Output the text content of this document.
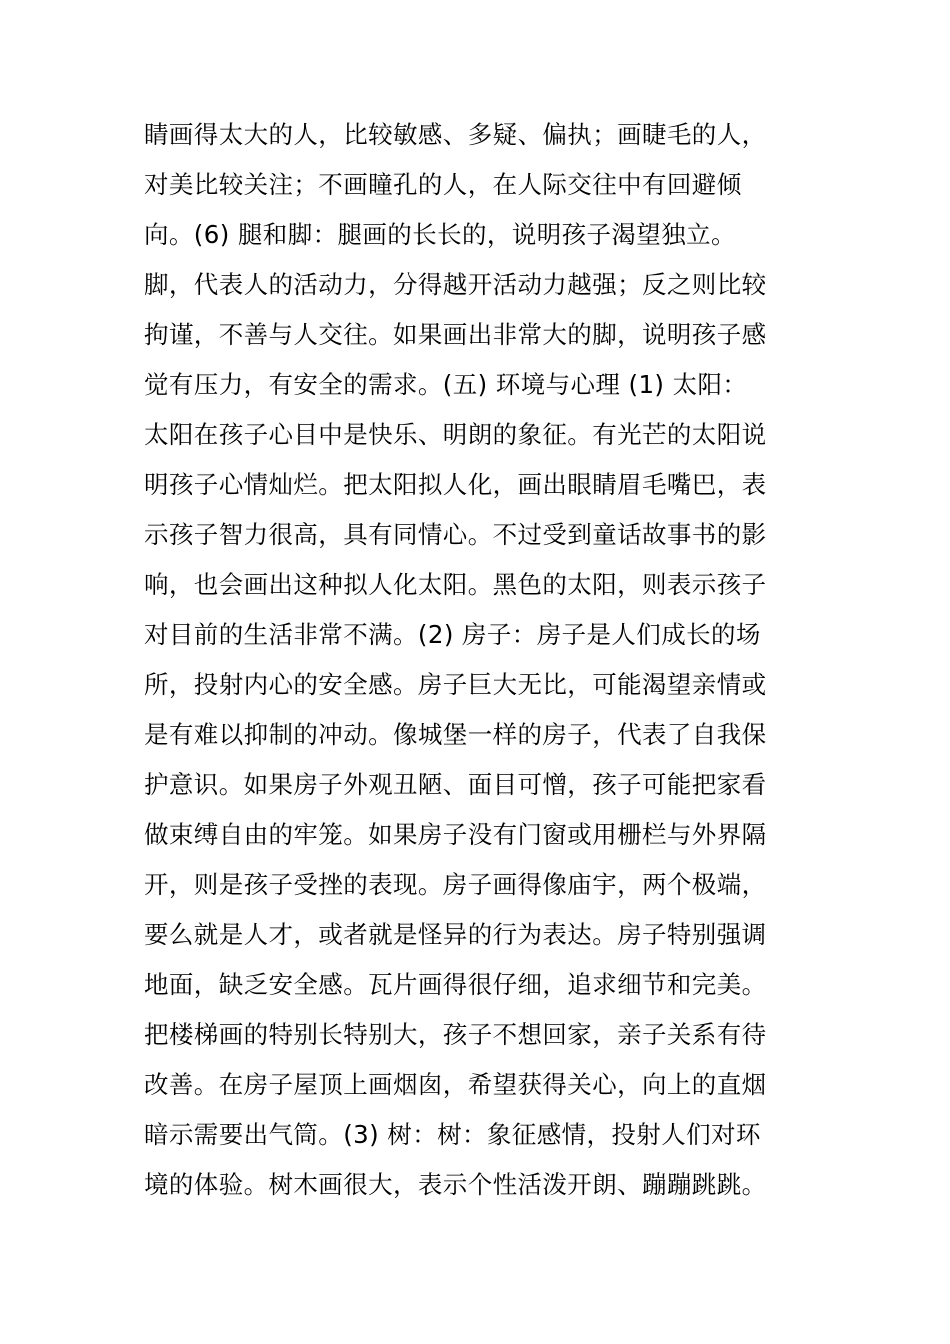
睛画得太大的人，比较敏感、多疑、偏执；画睫毛的人，
对美比较关注；不画瞳孔的人，在人际交往中有回避倾
向。(6) 腿和脚：腿画的长长的，说明孩子渴望独立。
脚，代表人的活动力，分得越开活动力越强；反之则比较
拘谨，不善与人交往。如果画出非常大的脚，说明孩子感
觉有压力，有安全的需求。(五) 环境与心理 (1) 太阳：
太阳在孩子心目中是快乐、明朗的象征。有光芒的太阳说
明孩子心情灿烂。把太阳拟人化，画出眼睛眉毛嘴巴，表
示孩子智力很高，具有同情心。不过受到童话故事书的影
响，也会画出这种拟人化太阳。黑色的太阳，则表示孩子
对目前的生活非常不满。(2) 房子：房子是人们成长的场
所，投射内心的安全感。房子巨大无比，可能渴望亲情或
是有难以抑制的冲动。像城堡一样的房子，代表了自我保
护意识。如果房子外观丑陋、面目可憎，孩子可能把家看
做束缚自由的牢笼。如果房子没有门窗或用栅栏与外界隔
开，则是孩子受挫的表现。房子画得像庙宇，两个极端，
要么就是人才，或者就是怪异的行为表达。房子特别强调
地面，缺乏安全感。瓦片画得很仔细，追求细节和完美。
把楼梯画的特别长特别大，孩子不想回家，亲子关系有待
改善。在房子屋顶上画烟囱，希望获得关心，向上的直烟
暗示需要出气筒。(3) 树：树：象征感情，投射人们对环
境的体验。树木画很大，表示个性活泼开朗、蹦蹦跳跳。
